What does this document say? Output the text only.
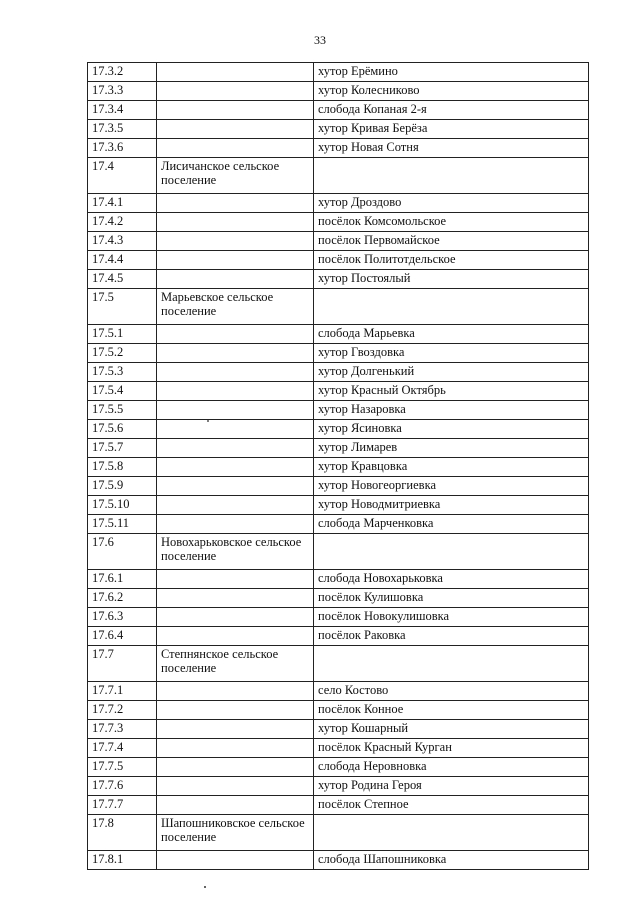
33
17.3.2		хутор Ерёмино
17.3.3		хутор Колесниково
17.3.4		слобода Копаная 2-я
17.3.5		хутор Кривая Берёза
17.3.6		хутор Новая Сотня
17.4	Лисичанское сельское поселение	
17.4.1		хутор Дроздово
17.4.2		посёлок Комсомольское
17.4.3		посёлок Первомайское
17.4.4		посёлок Политотдельское
17.4.5		хутор Постоялый
17.5	Марьевское сельское поселение	
17.5.1		слобода Марьевка
17.5.2		хутор Гвоздовка
17.5.3		хутор Долгенький
17.5.4		хутор Красный Октябрь
17.5.5		хутор Назаровка
17.5.6		хутор Ясиновка
17.5.7		хутор Лимарев
17.5.8		хутор Кравцовка
17.5.9		хутор Новогеоргиевка
17.5.10		хутор Новодмитриевка
17.5.11		слобода Марченковка
17.6	Новохарьковское сельское поселение	
17.6.1		слобода Новохарьковка
17.6.2		посёлок Кулишовка
17.6.3		посёлок Новокулишовка
17.6.4		посёлок Раковка
17.7	Степнянское сельское поселение	
17.7.1		село Костово
17.7.2		посёлок Конное
17.7.3		хутор Кошарный
17.7.4		посёлок Красный Курган
17.7.5		слобода Неровновка
17.7.6		хутор Родина Героя
17.7.7		посёлок Степное
17.8	Шапошниковское сельское поселение	
17.8.1		слобода Шапошниковка
